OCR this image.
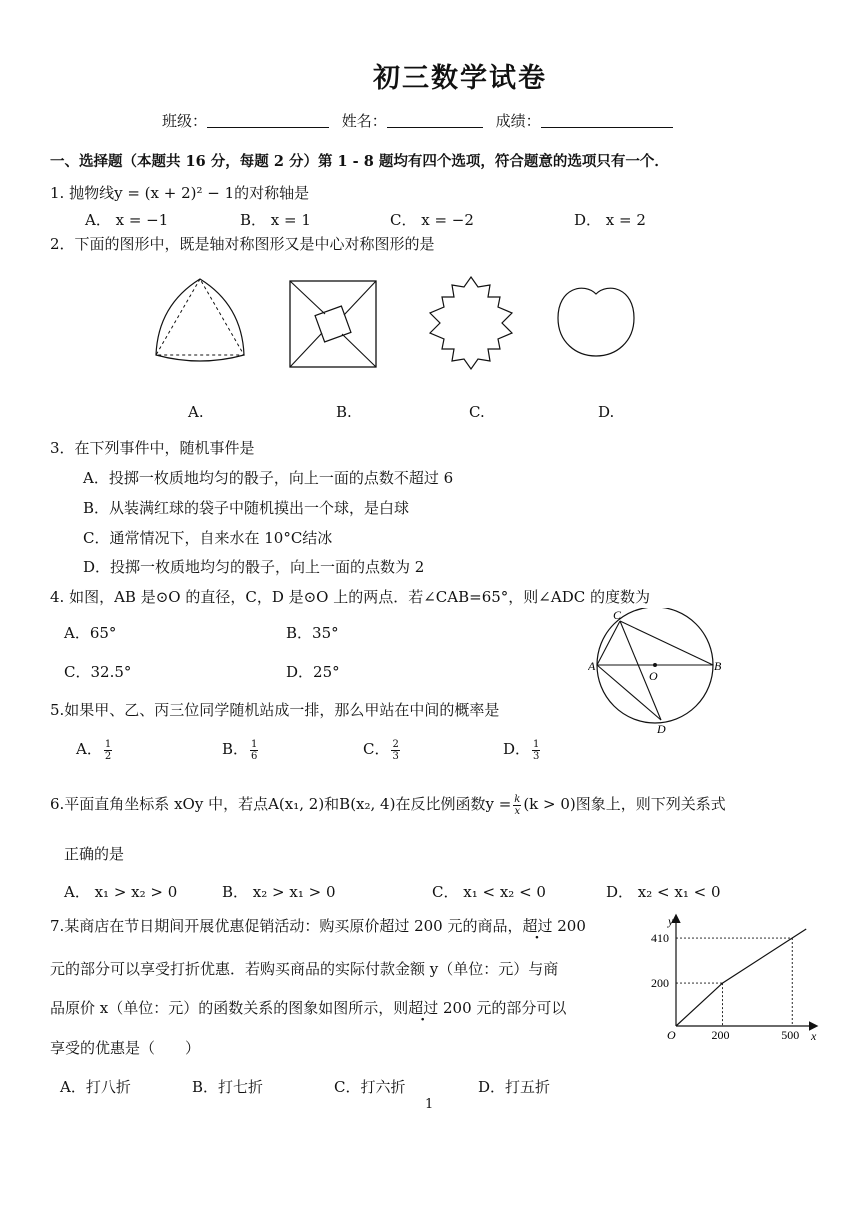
初三数学试卷
班级：	姓名：	成绩：
一、选择题（本题共 16 分，每题 2 分）第 1 - 8 题均有四个选项，符合题意的选项只有一个．
1. 抛物线y = (x + 2)² − 1的对称轴是
A． x = −1	B． x = 1	C． x = −2	D． x = 2
2．下面的图形中，既是轴对称图形又是中心对称图形的是
A.	B.	C.	D.
3．在下列事件中，随机事件是
A．投掷一枚质地均匀的骰子，向上一面的点数不超过 6
B．从装满红球的袋子中随机摸出一个球，是白球
C．通常情况下，自来水在 10°C结冰
D．投掷一枚质地均匀的骰子，向上一面的点数为 2
4. 如图，AB 是⊙O 的直径，C，D 是⊙O 上的两点．若∠CAB=65°，则∠ADC 的度数为
A．65°	B．35°
C．32.5°	D．25°	A	B
C
D
O
5.如果甲、乙、丙三位同学随机站成一排，那么甲站在中间的概率是
A． $\frac{1}{2}$	B． $\frac{1}{6}$	C． $\frac{2}{3}$	D． $\frac{1}{3}$
6.平面直角坐标系 xOy 中，若点A(x₁, 2)和B(x₂, 4)在反比例函数$y = \frac{k}{x} (k > 0)$图象上，则下列关系式
正确的是
A． x₁ > x₂ > 0	B． x₂ > x₁ > 0	C． x₁ < x₂ < 0	D． x₂ < x₁ < 0
7.某商店在节日期间开展优惠促销活动：购买原价超过 200 元的商品，超过 200
元的部分可以享受打折优惠．若购买商品的实际付款金额 y（单位：元）与商
品原价 x（单位：元）的函数关系的图象如图所示，则超过 200 元的部分可以
享受的优惠是（　　）
A．打八折	B．打七折	C．打六折	D．打五折
O	x
y
200	500
200
410
1
